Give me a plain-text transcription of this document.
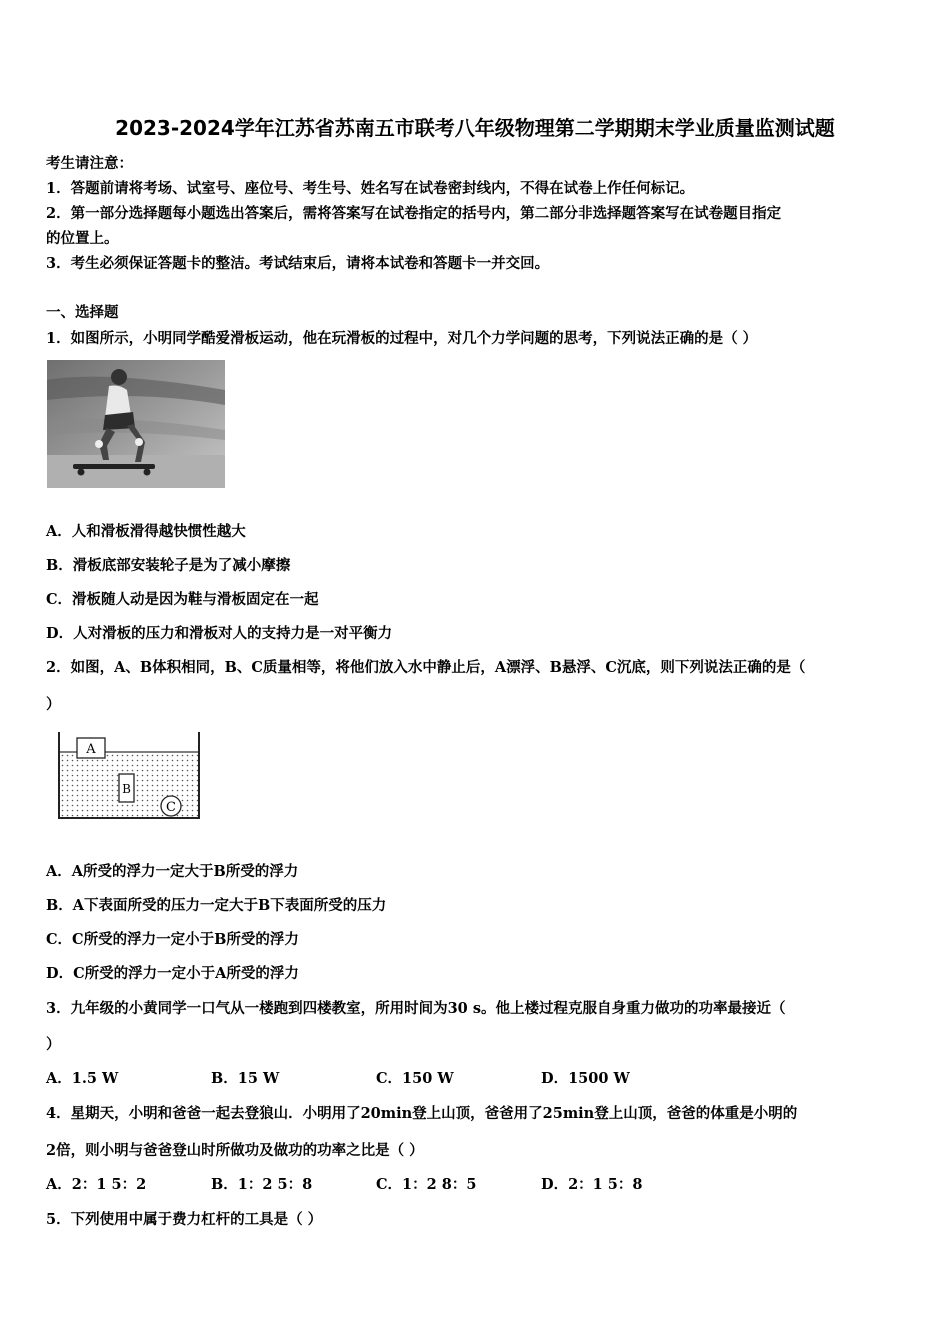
2023-2024学年江苏省苏南五市联考八年级物理第二学期期末学业质量监测试题
考生请注意：
1．答题前请将考场、试室号、座位号、考生号、姓名写在试卷密封线内，不得在试卷上作任何标记。
2．第一部分选择题每小题选出答案后，需将答案写在试卷指定的括号内，第二部分非选择题答案写在试卷题目指定
的位置上。
3．考生必须保证答题卡的整洁。考试结束后，请将本试卷和答题卡一并交回。
一、选择题
1．如图所示，小明同学酷爱滑板运动，他在玩滑板的过程中，对几个力学问题的思考，下列说法正确的是（ ）
A．人和滑板滑得越快惯性越大
B．滑板底部安装轮子是为了减小摩擦
C．滑板随人动是因为鞋与滑板固定在一起
D．人对滑板的压力和滑板对人的支持力是一对平衡力
2．如图，A、B体积相同，B、C质量相等，将他们放入水中静止后，A漂浮、B悬浮、C沉底，则下列说法正确的是（
）
A
B
C
A．A所受的浮力一定大于B所受的浮力
B．A下表面所受的压力一定大于B下表面所受的压力
C．C所受的浮力一定小于B所受的浮力
D．C所受的浮力一定小于A所受的浮力
3．九年级的小黄同学一口气从一楼跑到四楼教室，所用时间为30 s。他上楼过程克服自身重力做功的功率最接近（
）
A．1.5 W	B．15 W	C．150 W	D．1500 W
4．星期天，小明和爸爸一起去登狼山．小明用了20min登上山顶，爸爸用了25min登上山顶，爸爸的体重是小明的
2倍，则小明与爸爸登山时所做功及做功的功率之比是（ ）
A．2：1 5：2	B．1：2 5：8	C．1：2 8：5	D．2：1 5：8
5．下列使用中属于费力杠杆的工具是（ ）
